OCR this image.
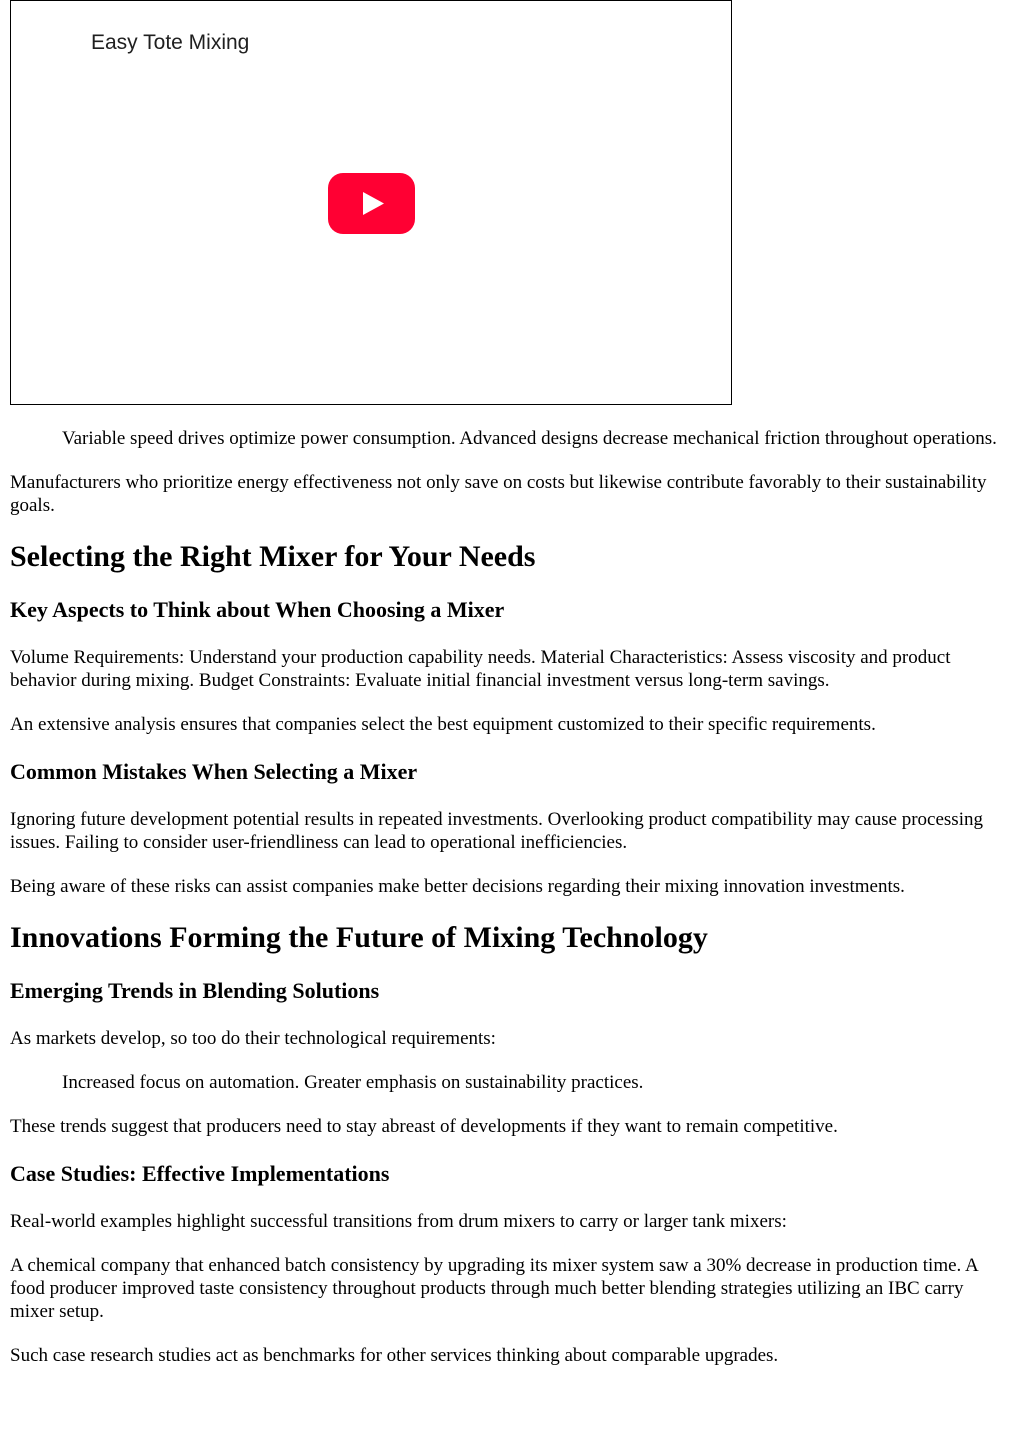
Easy Tote Mixing

Variable speed drives optimize power consumption. Advanced designs decrease mechanical friction throughout operations.

Manufacturers who prioritize energy effectiveness not only save on costs but likewise contribute favorably to their sustainability goals.

Selecting the Right Mixer for Your Needs
Key Aspects to Think about When Choosing a Mixer

Volume Requirements: Understand your production capability needs. Material Characteristics: Assess viscosity and product behavior during mixing. Budget Constraints: Evaluate initial financial investment versus long-term savings.

An extensive analysis ensures that companies select the best equipment customized to their specific requirements.

Common Mistakes When Selecting a Mixer

Ignoring future development potential results in repeated investments. Overlooking product compatibility may cause processing issues. Failing to consider user-friendliness can lead to operational inefficiencies.

Being aware of these risks can assist companies make better decisions regarding their mixing innovation investments.

Innovations Forming the Future of Mixing Technology
Emerging Trends in Blending Solutions

As markets develop, so too do their technological requirements:

Increased focus on automation. Greater emphasis on sustainability practices.

These trends suggest that producers need to stay abreast of developments if they want to remain competitive.

Case Studies: Effective Implementations

Real-world examples highlight successful transitions from drum mixers to carry or larger tank mixers:

A chemical company that enhanced batch consistency by upgrading its mixer system saw a 30% decrease in production time. A food producer improved taste consistency throughout products through much better blending strategies utilizing an IBC carry mixer setup.

Such case research studies act as benchmarks for other services thinking about comparable upgrades.
